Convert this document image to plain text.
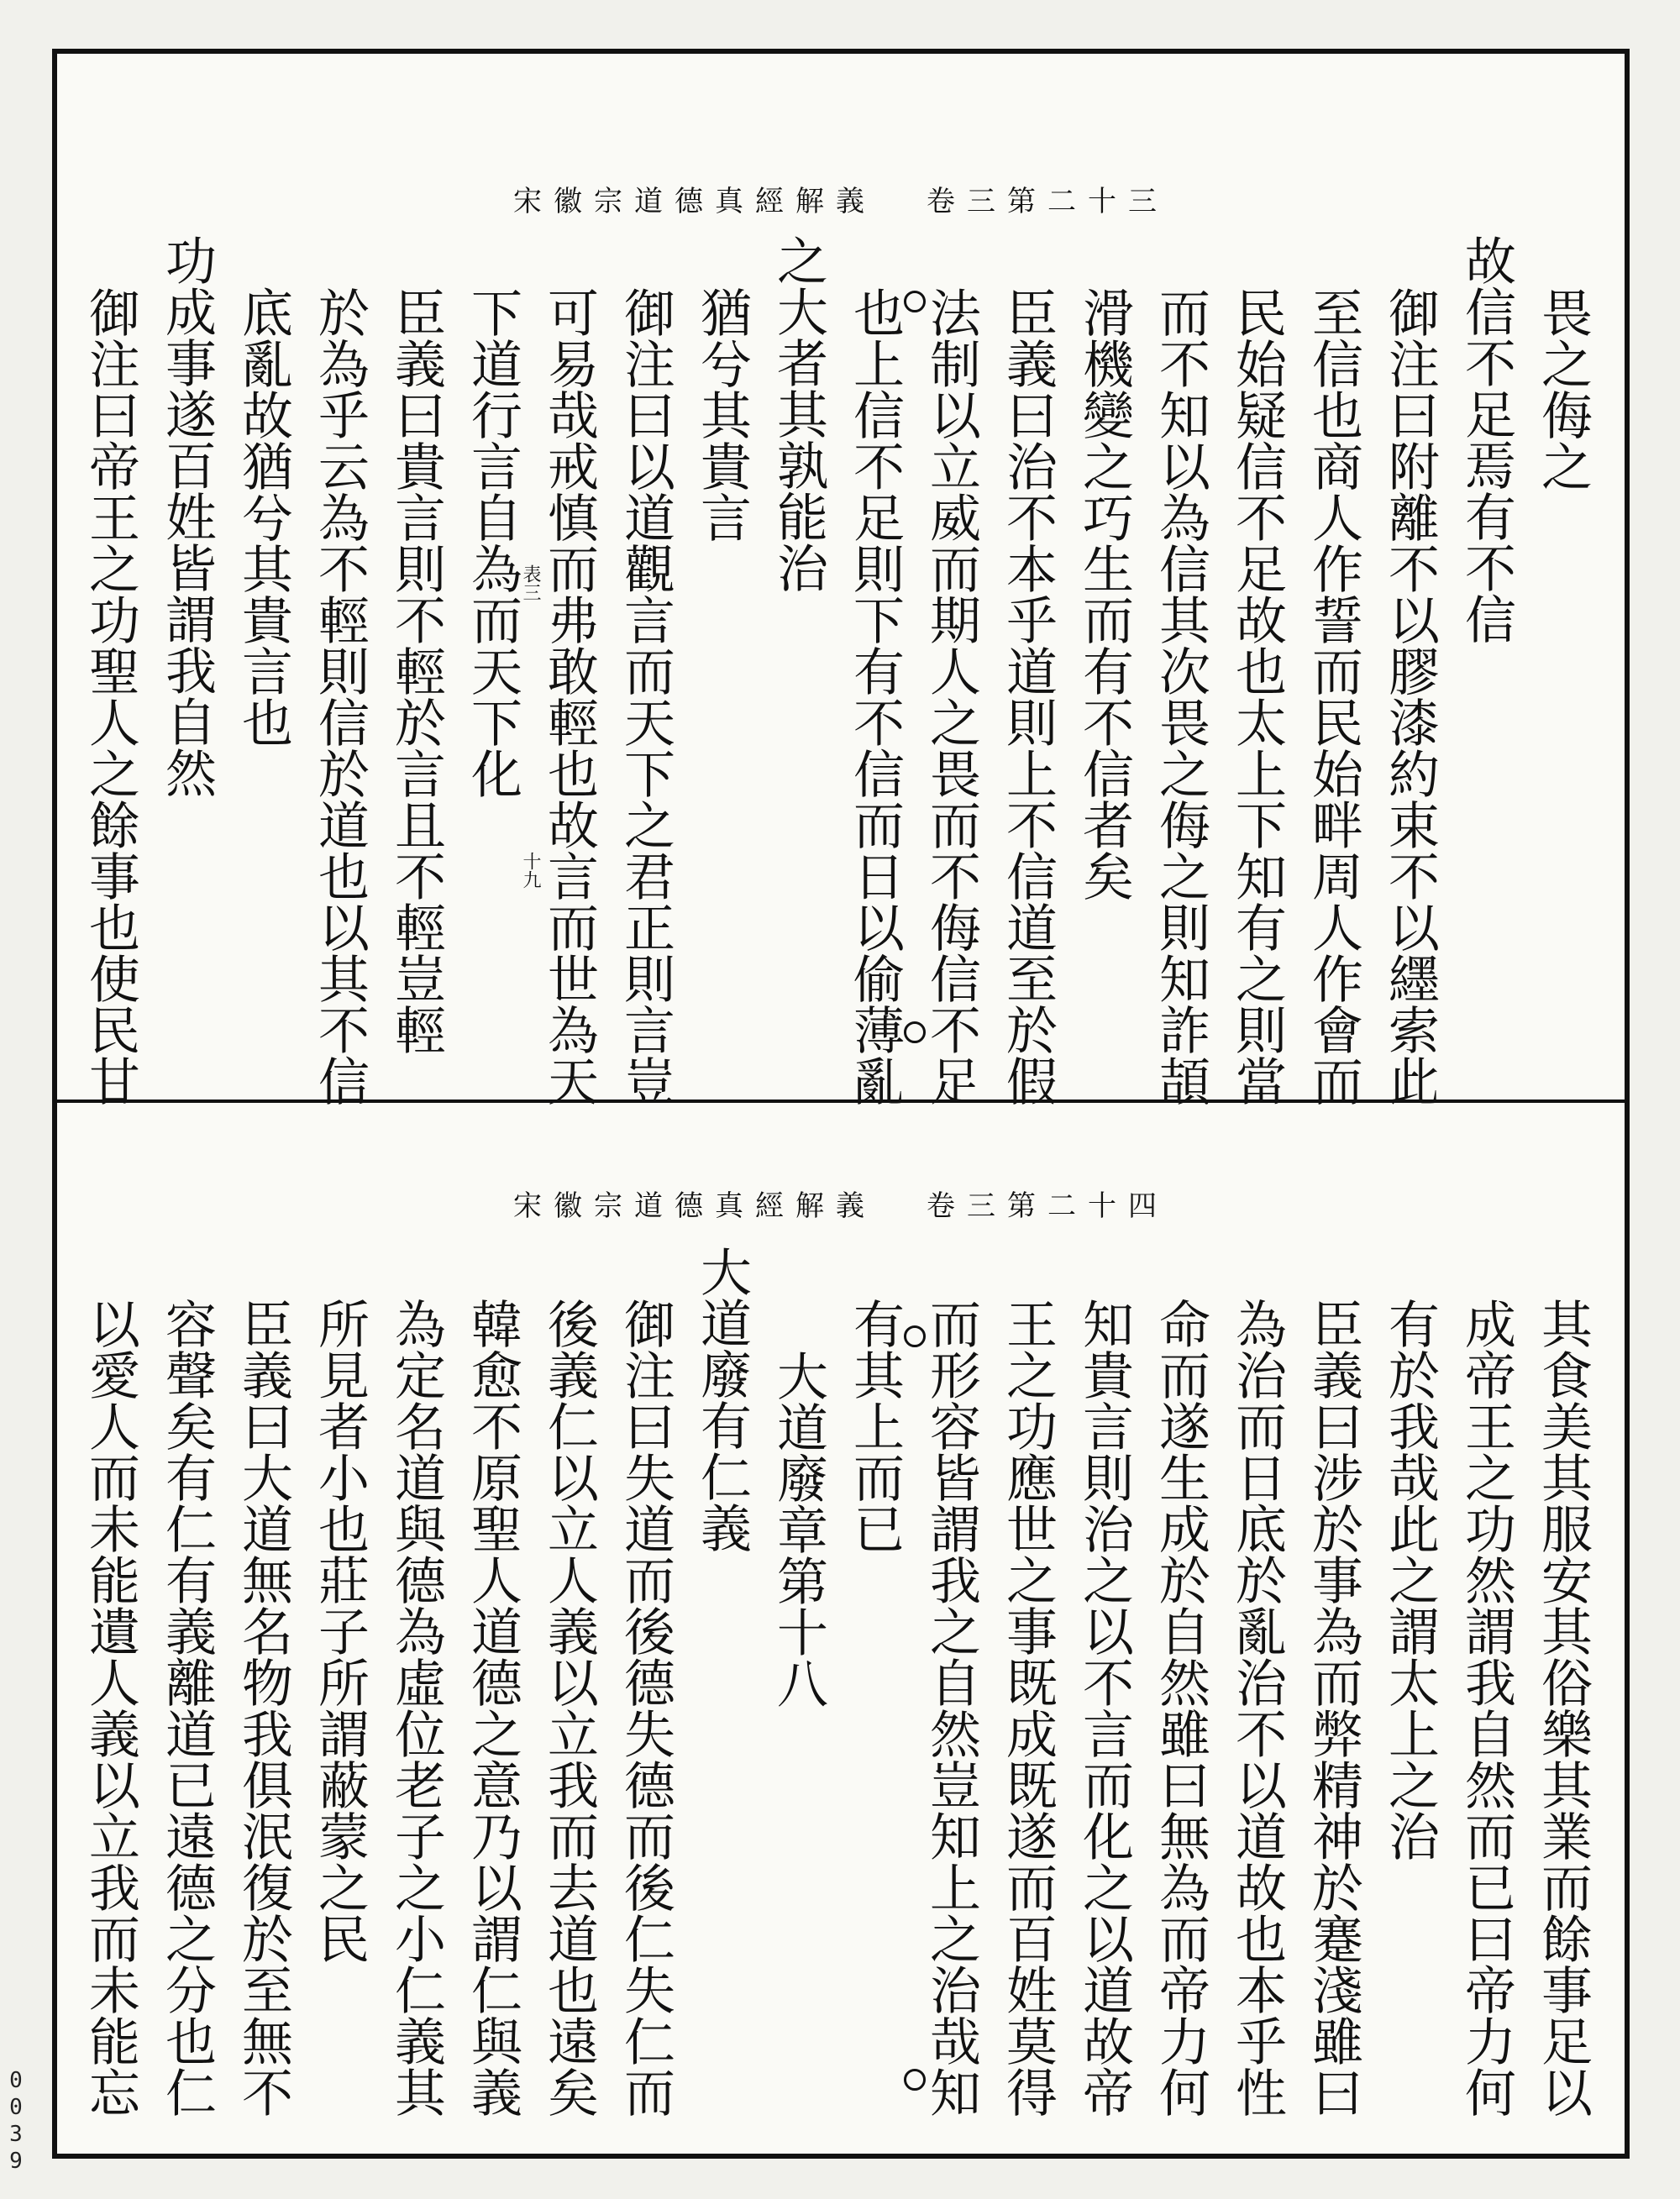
宋徽宗道德真經解義 卷三第二十三
表三
十九
畏之侮之
故信不足焉有不信
御注曰附離不以膠漆約束不以纆索此
至信也商人作誓而民始畔周人作會而
民始疑信不足故也太上下知有之則當
而不知以為信其次畏之侮之則知詐頡
滑機變之巧生而有不信者矣
臣義曰治不本乎道則上不信道至於假
法制以立威而期人之畏而不侮信不足
也上信不足則下有不信而日以偷薄亂
之大者其孰能治
猶兮其貴言
御注曰以道觀言而天下之君正則言豈
可易哉戒慎而弗敢輕也故言而世為天
下道行言自為而天下化
臣義曰貴言則不輕於言且不輕豈輕
於為乎云為不輕則信於道也以其不信
底亂故猶兮其貴言也
功成事遂百姓皆謂我自然
御注曰帝王之功聖人之餘事也使民甘
宋徽宗道德真經解義 卷三第二十四
其食美其服安其俗樂其業而餘事足以
成帝王之功然謂我自然而已曰帝力何
有於我哉此之謂太上之治
臣義曰涉於事為而弊精神於蹇淺雖曰
為治而日底於亂治不以道故也本乎性
命而遂生成於自然雖曰無為而帝力何
知貴言則治之以不言而化之以道故帝
王之功應世之事既成既遂而百姓莫得
而形容皆謂我之自然豈知上之治哉知
有其上而已
大道廢章第十八
大道廢有仁義
御注曰失道而後德失德而後仁失仁而
後義仁以立人義以立我而去道也遠矣
韓愈不原聖人道德之意乃以謂仁與義
為定名道與德為虛位老子之小仁義其
所見者小也莊子所謂蔽蒙之民
臣義曰大道無名物我俱泯復於至無不
容聲矣有仁有義離道已遠德之分也仁
以愛人而未能遺人義以立我而未能忘
0039
